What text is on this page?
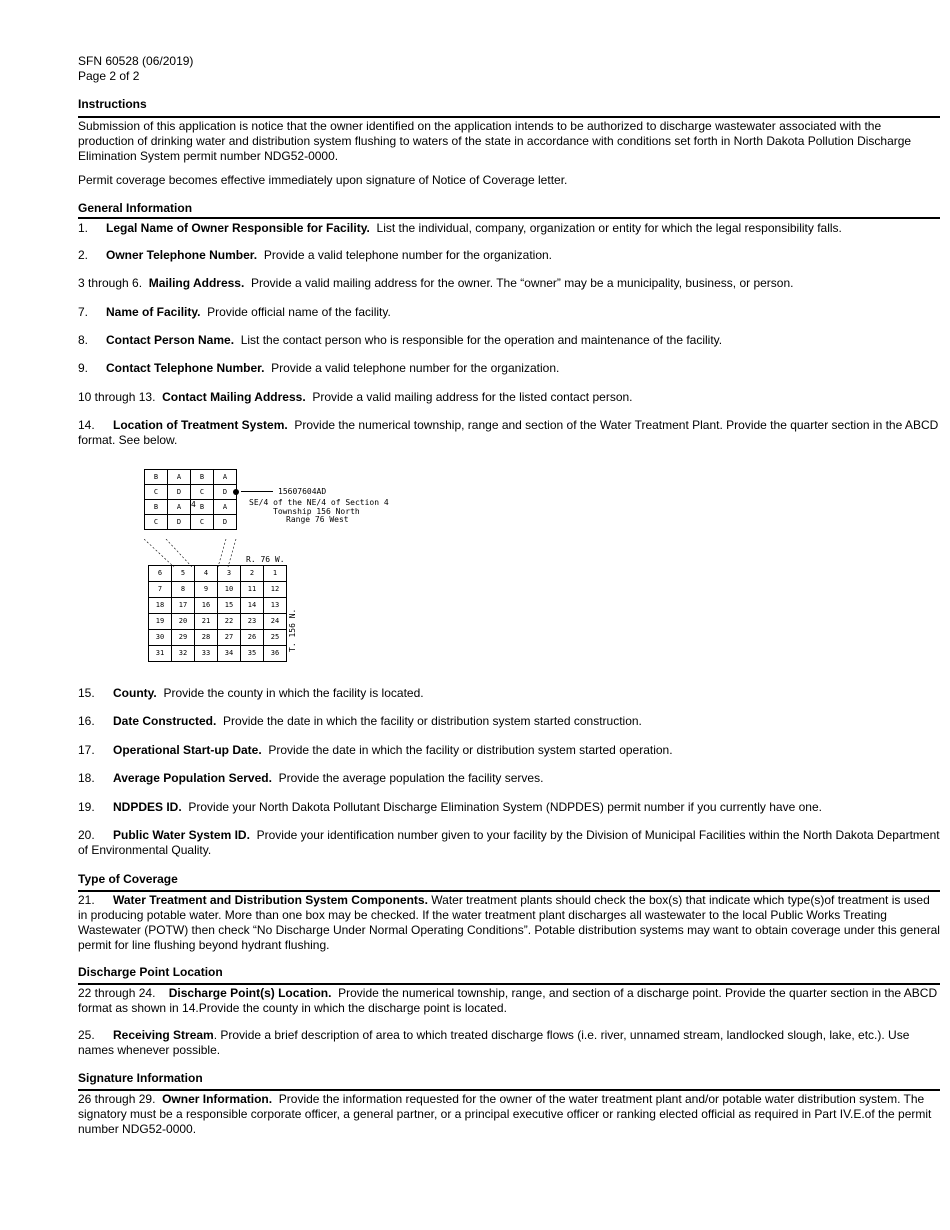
SFN 60528 (06/2019)
Page 2 of 2
Instructions
Submission of this application is notice that the owner identified on the application intends to be authorized to discharge wastewater associated with the production of drinking water and distribution system flushing to waters of the state in accordance with conditions set forth in North Dakota Pollution Discharge Elimination System permit number NDG52-0000.
Permit coverage becomes effective immediately upon signature of Notice of Coverage letter.
General Information
1. Legal Name of Owner Responsible for Facility. List the individual, company, organization or entity for which the legal responsibility falls.
2. Owner Telephone Number. Provide a valid telephone number for the organization.
3 through 6. Mailing Address. Provide a valid mailing address for the owner. The “owner” may be a municipality, business, or person.
7. Name of Facility. Provide official name of the facility.
8. Contact Person Name. List the contact person who is responsible for the operation and maintenance of the facility.
9. Contact Telephone Number. Provide a valid telephone number for the organization.
10 through 13. Contact Mailing Address. Provide a valid mailing address for the listed contact person.
14. Location of Treatment System. Provide the numerical township, range and section of the Water Treatment Plant. Provide the quarter section in the ABCD format. See below.
B	A	B	A
C	D	C	D
B	A	B	A
C	D	C	D
4
15607604AD
SE/4 of the NE/4 of Section 4
Township 156 North
Range 76 West
R. 76 W.
6	5	4	3	2	1
7	8	9	10	11	12
18	17	16	15	14	13
19	20	21	22	23	24
30	29	28	27	26	25
31	32	33	34	35	36
T. 156 N.
15. County. Provide the county in which the facility is located.
16. Date Constructed. Provide the date in which the facility or distribution system started construction.
17. Operational Start-up Date. Provide the date in which the facility or distribution system started operation.
18. Average Population Served. Provide the average population the facility serves.
19. NDPDES ID. Provide your North Dakota Pollutant Discharge Elimination System (NDPDES) permit number if you currently have one.
20. Public Water System ID. Provide your identification number given to your facility by the Division of Municipal Facilities within the North Dakota Department of Environmental Quality.
Type of Coverage
21. Water Treatment and Distribution System Components. Water treatment plants should check the box(s) that indicate which type(s)of treatment is used in producing potable water. More than one box may be checked. If the water treatment plant discharges all wastewater to the local Public Works Treating Wastewater (POTW) then check “No Discharge Under Normal Operating Conditions”. Potable distribution systems may want to obtain coverage under this general permit for line flushing beyond hydrant flushing.
Discharge Point Location
22 through 24. Discharge Point(s) Location. Provide the numerical township, range, and section of a discharge point. Provide the quarter section in the ABCD format as shown in 14.Provide the county in which the discharge point is located.
25. Receiving Stream. Provide a brief description of area to which treated discharge flows (i.e. river, unnamed stream, landlocked slough, lake, etc.). Use names whenever possible.
Signature Information
26 through 29. Owner Information. Provide the information requested for the owner of the water treatment plant and/or potable water distribution system. The signatory must be a responsible corporate officer, a general partner, or a principal executive officer or ranking elected official as required in Part IV.E.of the permit number NDG52-0000.
